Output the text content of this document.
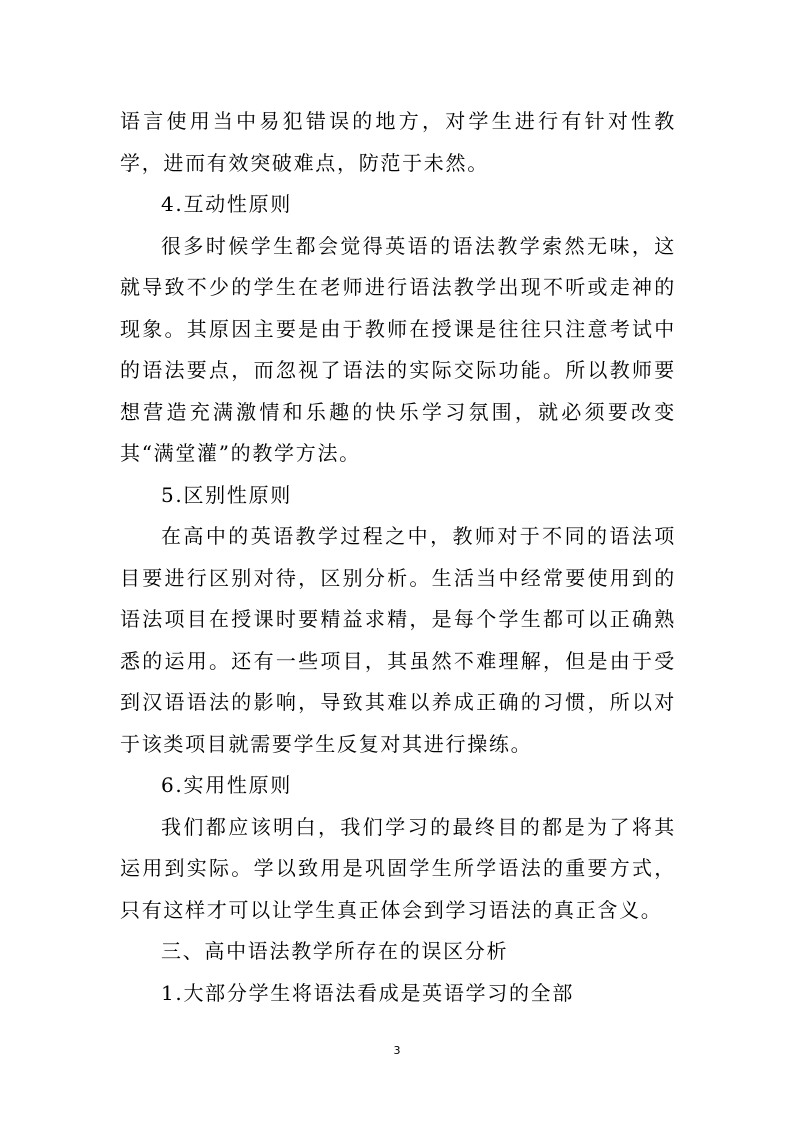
语言使用当中易犯错误的地方，对学生进行有针对性教学，进而有效突破难点，防范于未然。

4.互动性原则

很多时候学生都会觉得英语的语法教学索然无味，这就导致不少的学生在老师进行语法教学出现不听或走神的现象。其原因主要是由于教师在授课是往往只注意考试中的语法要点，而忽视了语法的实际交际功能。所以教师要想营造充满激情和乐趣的快乐学习氛围，就必须要改变其“满堂灌”的教学方法。

5.区别性原则

在高中的英语教学过程之中，教师对于不同的语法项目要进行区别对待，区别分析。生活当中经常要使用到的语法项目在授课时要精益求精，是每个学生都可以正确熟悉的运用。还有一些项目，其虽然不难理解，但是由于受到汉语语法的影响，导致其难以养成正确的习惯，所以对于该类项目就需要学生反复对其进行操练。

6.实用性原则

我们都应该明白，我们学习的最终目的都是为了将其运用到实际。学以致用是巩固学生所学语法的重要方式，只有这样才可以让学生真正体会到学习语法的真正含义。

三、高中语法教学所存在的误区分析

1.大部分学生将语法看成是英语学习的全部

3
